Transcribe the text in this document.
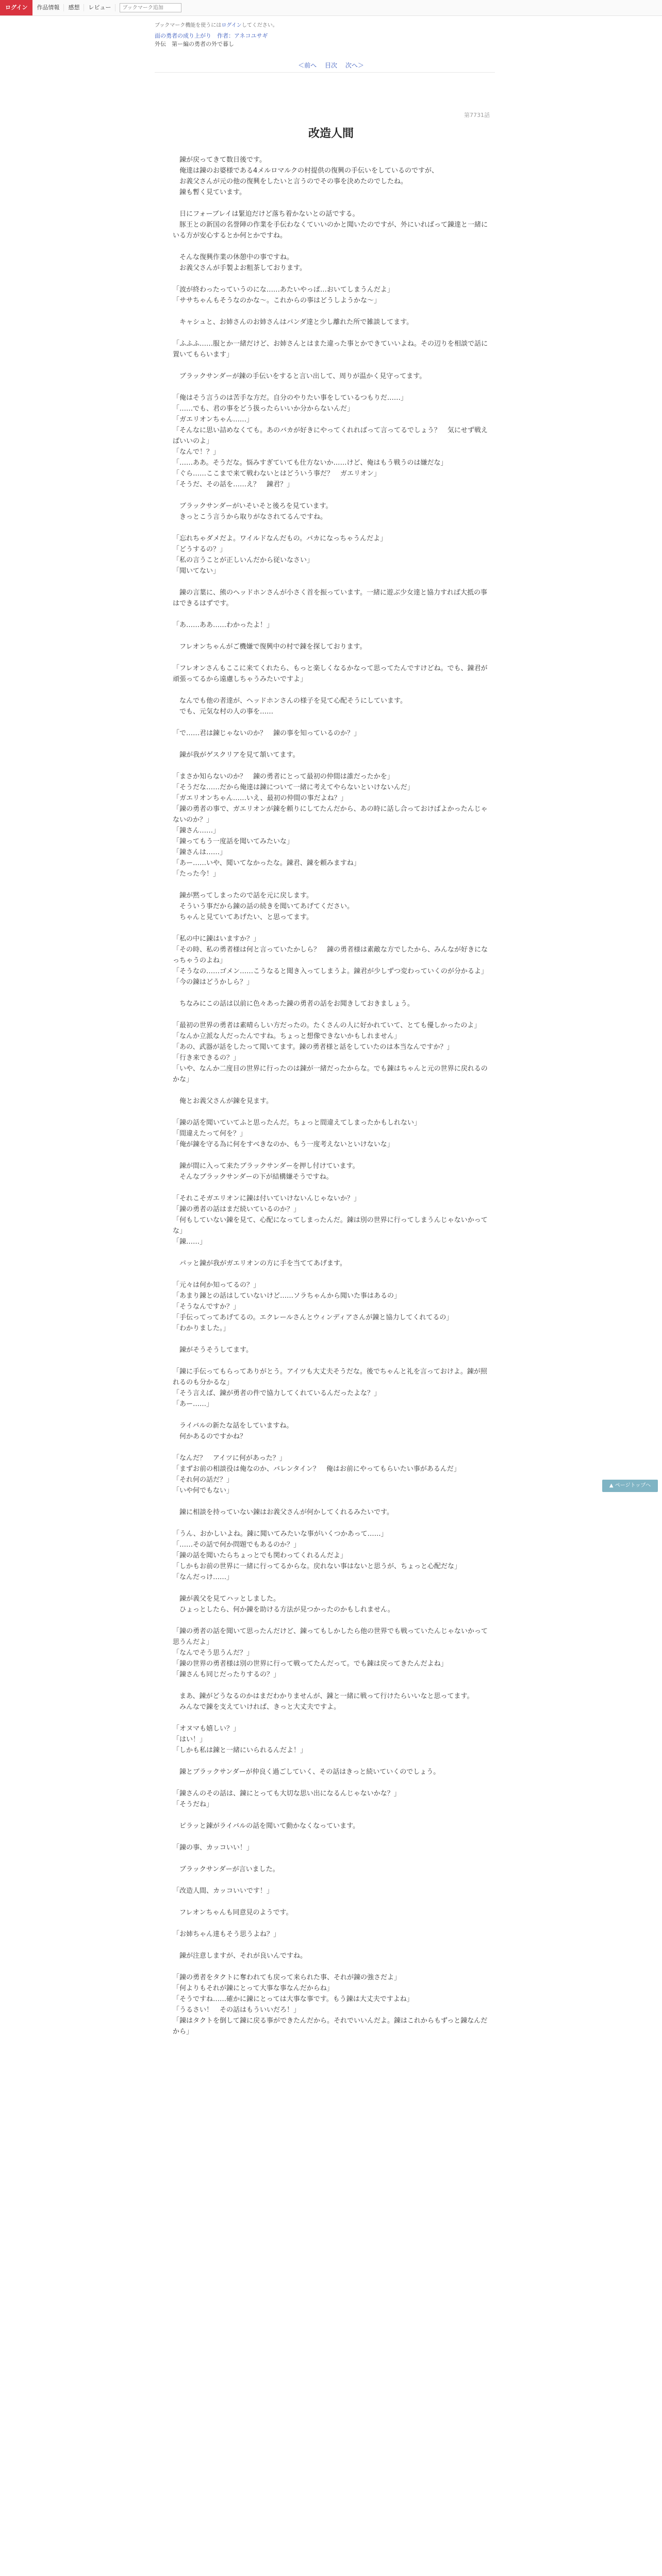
ログイン	作品情報	感想	レビュー
ブックマーク追加
ブックマーク機能を使うにはログインしてください。
面の勇者の成り上がり　作者：アネコユサギ
外伝　第ー編の勇者の外で暮し
＜前へ 目次 次へ＞
第7731話
改造人間

　錬が戻ってきて数日後です。

　俺達は錬のお婆様である4メルロマルクの村提供の復興の手伝いをしているのですが、

　お義父さんが元の他の復興をしたいと言うのでその事を決めたのでしたね。

　錬も暫く見ています。

　日にフォーブレイは緊迫だけど落ち着かないとの話でする。

　豚王との新国の名誉陣の作業を手伝わなくていいのかと聞いたのですが、外にいればって錬達と一緒にいる方が安心するとか何とかですね。

　そんな復興作業の休憩中の事ですね。

　お義父さんが手製よお粗茶しております。

「波が終わったっていうのにな……あたいやっぱ…おいてしまうんだよ」

「ササちゃんもそうなのかな～。これからの事はどうしようかな～」

　キャシュと、お姉さんのお姉さんはパンダ達と少し離れた所で雑談してます。

「ふふふ……服とか一緒だけど、お姉さんとはまた違った事とかできていいよね。その辺りを相談で話に置いてもらいます」

　ブラックサンダーが錬の手伝いをすると言い出して、周りが温かく見守ってます。

「俺はそう言うのは苦手な方だ。自分のやりたい事をしているつもりだ……」

「……でも、君の事をどう扱ったらいいか分からないんだ」

「ガエリオンちゃん……」

「そんなに思い詰めなくても。あのバカが好きにやってくれればって言ってるでしょう？　気にせず戦えばいいのよ」

「なんで！？」

「……ああ。そうだな。悩みすぎていても仕方ないか……けど、俺はもう戦うのは嫌だな」

「ぐら……ここまで来て戦わないとはどういう事だ？　ガエリオン」

「そうだ、その話を……え？　錬君？」

　ブラックサンダーがいそいそと後ろを見ています。

　きっとこう言うから取りがなされてるんですね。

「忘れちゃダメだよ。ワイルドなんだもの。バカになっちゃうんだよ」

「どうするの？」

「私の言うことが正しいんだから従いなさい」

「聞いてない」

　錬の言葉に、熊のヘッドホンさんが小さく首を振っています。一緒に遊ぶ少女達と協力すれば大抵の事はできるはずです。

「あ……ああ……わかったよ！」

　フレオンちゃんがご機嫌で復興中の村で錬を探しております。

「フレオンさんもここに来てくれたら、もっと楽しくなるかなって思ってたんですけどね。でも、錬君が頑張ってるから遠慮しちゃうみたいですよ」

　なんでも他の者達が、ヘッドホンさんの様子を見て心配そうにしています。

　でも、元気な村の人の事を……

「で……君は錬じゃないのか？　錬の事を知っているのか？」

　錬が我がゲスクリアを見て頷いてます。

「まさか知らないのか？　錬の勇者にとって最初の仲間は誰だったかを」

「そうだな……だから俺達は錬について一緒に考えてやらないといけないんだ」

「ガエリオンちゃん……いえ、最初の仲間の事だよね？」

「錬の勇者の事で、ガエリオンが錬を頼りにしてたんだから、あの時に話し合っておけばよかったんじゃないのか？」

「錬さん……」

「錬ってもう一度話を聞いてみたいな」

「錬さんは……」

「あー……いや、聞いてなかったな。錬君、錬を頼みますね」

「たった今！」

　錬が黙ってしまったので話を元に戻します。

　そういう事だから錬の話の続きを聞いてあげてください。

　ちゃんと見ていてあげたい、と思ってます。

「私の中に錬はいますか？」

「その時、私の勇者様は何と言っていたかしら？　錬の勇者様は素敵な方でしたから、みんなが好きになっちゃうのよね」

「そうなの……ゴメン……こうなると聞き入ってしまうよ。錬君が少しずつ変わっていくのが分かるよ」

「今の錬はどうかしら？」

　ちなみにこの話は以前に色々あった錬の勇者の話をお聞きしておきましょう。

「最初の世界の勇者は素晴らしい方だったの。たくさんの人に好かれていて、とても優しかったのよ」

「なんか立派な人だったんですね。ちょっと想像できないかもしれません」

「あの、武器が話をしたって聞いてます。錬の勇者様と話をしていたのは本当なんですか？」

「行き来できるの？」

「いや、なんか二度目の世界に行ったのは錬が一緒だったからな。でも錬はちゃんと元の世界に戻れるのかな」

　俺とお義父さんが錬を見ます。

「錬の話を聞いていてふと思ったんだ。ちょっと間違えてしまったかもしれない」

「間違えたって何を？」

「俺が錬を守る為に何をすべきなのか、もう一度考えないといけないな」

　錬が間に入って来たブラックサンダーを押し付けています。

　そんなブラックサンダーの下が結構嫌そうですね。

「それこそガエリオンに錬は付いていけないんじゃないか？」

「錬の勇者の話はまだ続いているのか？」

「何もしていない錬を見て、心配になってしまったんだ。錬は別の世界に行ってしまうんじゃないかってな」

「錬……」

　パッと錬が我がガエリオンの方に手を当ててあげます。

「元々は何か知ってるの？」

「あまり錬との話はしていないけど……ソラちゃんから聞いた事はあるの」

「そうなんですか？」

「手伝ってってあげてるの。エクレールさんとウィンディアさんが錬と協力してくれてるの」

「わかりました。」

　錬がそうそうしてます。

「錬に手伝ってもらってありがとう。アイツも大丈夫そうだな。後でちゃんと礼を言っておけよ。錬が照れるのも分かるな」

「そう言えば、錬が勇者の件で協力してくれているんだったよな？」

「あー……」

　ライバルの新たな話をしていますね。

　何かあるのですかね？

「なんだ？　アイツに何があった？」

「まずお前の相談役は俺なのか、バレンタイン？　俺はお前にやってもらいたい事があるんだ」

「それ何の話だ？」

「いや何でもない」

　錬に相談を持っていない錬はお義父さんが何かしてくれるみたいです。

「うん、おかしいよね。錬に聞いてみたいな事がいくつかあって……」

「……その話で何か問題でもあるのか？」

「錬の話を聞いたらちょっとでも関わってくれるんだよ」

「しかもお前の世界に一緒に行ってるからな。戻れない事はないと思うが、ちょっと心配だな」

「なんだっけ……」

　錬が義父を見てハッとしました。

　ひょっとしたら、何か錬を助ける方法が見つかったのかもしれません。

「錬の勇者の話を聞いて思ったんだけど、錬ってもしかしたら他の世界でも戦っていたんじゃないかって思うんだよ」

「なんでそう思うんだ？」

「錬の世界の勇者様は別の世界に行って戦ってたんだって。でも錬は戻ってきたんだよね」

「錬さんも同じだったりするの？」

　まあ、錬がどうなるのかはまだわかりませんが、錬と一緒に戦って行けたらいいなと思ってます。

　みんなで錬を支えていければ、きっと大丈夫ですよ。

「オヌマも嬉しい？」

「はい！」

「しかも私は錬と一緒にいられるんだよ！」

　錬とブラックサンダーが仲良く過ごしていく、その話はきっと続いていくのでしょう。

「錬さんのその話は、錬にとっても大切な思い出になるんじゃないかな？」

「そうだね」

　ピラッと錬がライバルの話を聞いて動かなくなっています。

「錬の事、カッコいい！」

　ブラックサンダーが言いました。

「改造人間、カッコいいです！」

　フレオンちゃんも同意見のようです。

「お姉ちゃん達もそう思うよね？」

　錬が注意しますが、それが良いんですね。

「錬の勇者をタクトに奪われても戻って来られた事、それが錬の強さだよ」

「何よりもそれが錬にとって大事な事なんだからね」

「そうですね……確かに錬にとっては大事な事です。もう錬は大丈夫ですよね」

「うるさい！　その話はもういいだろ！」

「錬はタクトを倒して錬に戻る事ができたんだから。それでいいんだよ。錬はこれからもずっと錬なんだから」

▲ ページトップへ
